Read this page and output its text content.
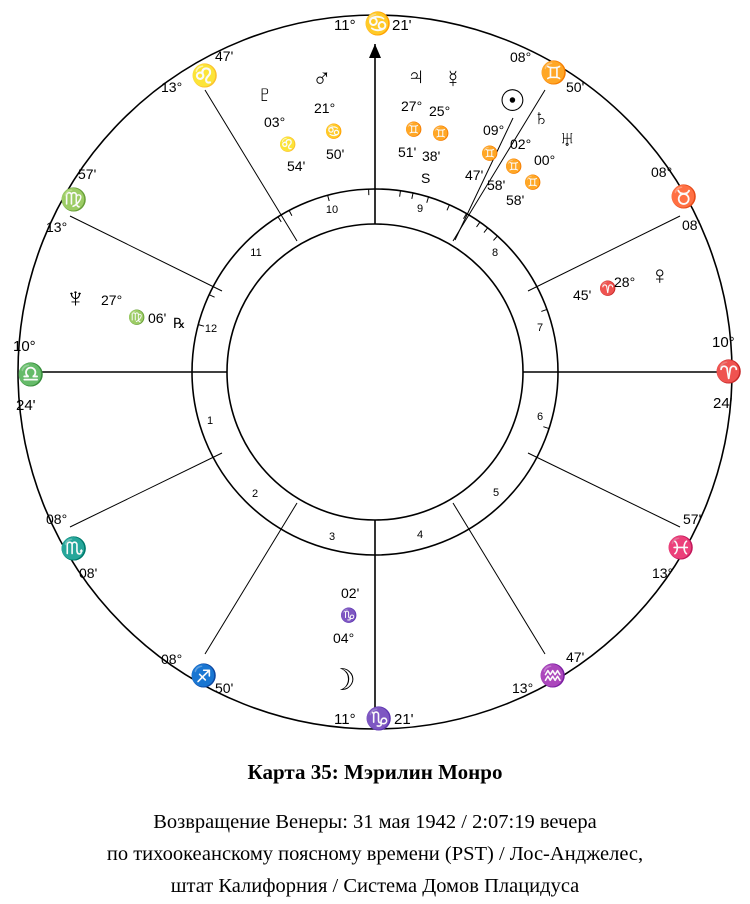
1
2
3	4
5
6
7
8
9
10
11
12
11° ♋ 21'
11° ♑ 21'
10°
♎
24'
10°
♈
24'
13° ♌
47'
57'
♍
13°
08°
♏
08'
08°
♐
50'	13° ♒
47'
57'
♓
13°
08°
♉
08'
08°
♊
50'
♇
03°
♌
54'
♂
21°
♋
50'
♃
27°
♊
51'
☿
25°
♊
38'
S
☉
09°
♊
47'
♄
02°
♊
58'
♅
00°
♊
58'
45' ♈
28° ♀
♆ 27°
♍ 06' ℞
02'
♑
04°
☽
Карта 35: Мэрилин Монро
Возвращение Венеры: 31 мая 1942 / 2:07:19 вечера
по тихоокеанскому поясному времени (PST) / Лос-Анджелес,
штат Калифорния / Система Домов Плацидуса
